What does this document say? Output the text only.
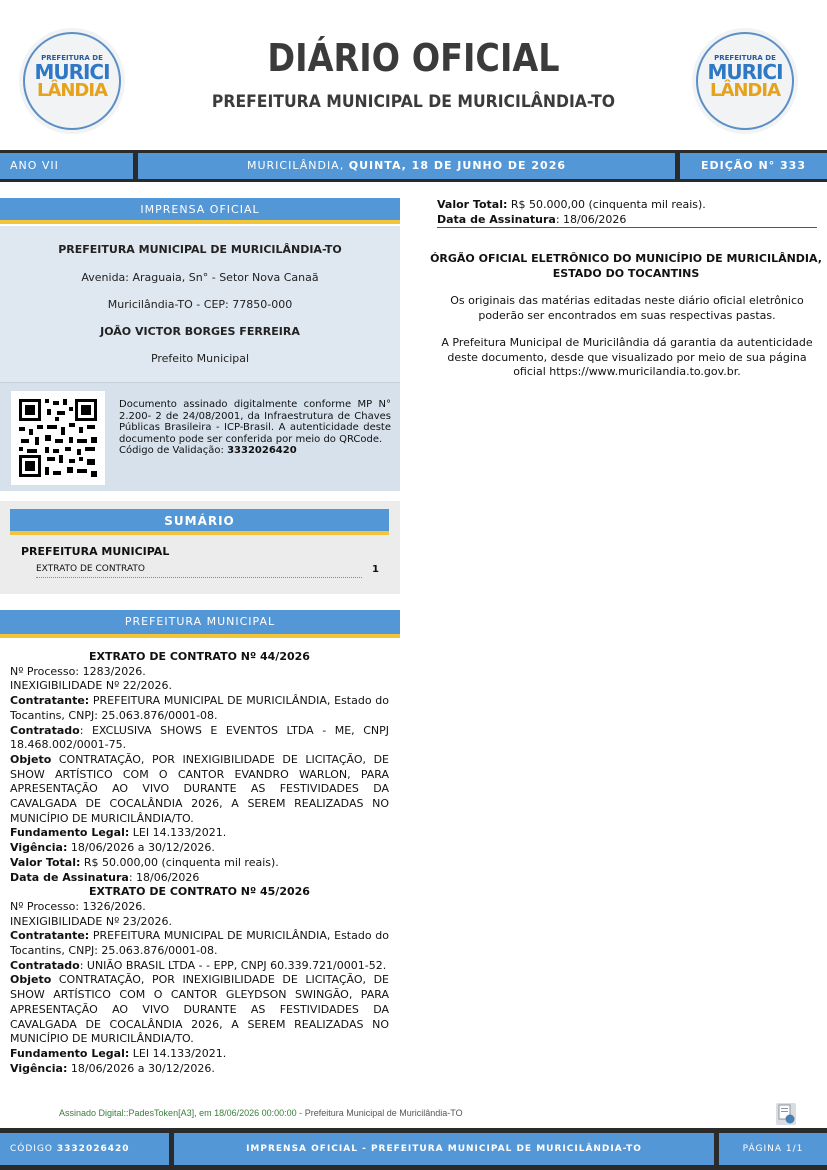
PREFEITURA DE
MURICI
LÂNDIA
PREFEITURA DE
MURICI
LÂNDIA
DIÁRIO OFICIAL
PREFEITURA MUNICIPAL DE MURICILÂNDIA-TO
ANO VII	MURICILÂNDIA, QUINTA, 18 DE JUNHO DE 2026	EDIÇÃO N° 333
IMPRENSA OFICIAL
PREFEITURA MUNICIPAL DE MURICILÂNDIA-TO
Avenida: Araguaia, Sn° - Setor Nova Canaã
Muricilândia-TO - CEP: 77850-000
JOÃO VICTOR BORGES FERREIRA
Prefeito Municipal
Documento assinado digitalmente conforme MP N° 2.200- 2 de 24/08/2001, da Infraestrutura de Chaves Públicas Brasileira - ICP-Brasil. A autenticidade deste documento pode ser conferida por meio do QRCode.
Código de Validação: 3332026420
SUMÁRIO
PREFEITURA MUNICIPAL
EXTRATO DE CONTRATO	1
PREFEITURA MUNICIPAL

EXTRATO DE CONTRATO Nº 44/2026

Nº Processo: 1283/2026.

INEXIGIBILIDADE Nº 22/2026.

Contratante: PREFEITURA MUNICIPAL DE MURICILÂNDIA, Estado do Tocantins, CNPJ: 25.063.876/0001-08.

Contratado: EXCLUSIVA SHOWS E EVENTOS LTDA - ME, CNPJ 18.468.002/0001-75.

Objeto CONTRATAÇÃO, POR INEXIGIBILIDADE DE LICITAÇÃO, DE SHOW ARTÍSTICO COM O CANTOR EVANDRO WARLON, PARA APRESENTAÇÃO AO VIVO DURANTE AS FESTIVIDADES DA CAVALGADA DE COCALÂNDIA 2026, A SEREM REALIZADAS NO MUNICÍPIO DE MURICILÂNDIA/TO.

Fundamento Legal: LEI 14.133/2021.

Vigência: 18/06/2026 a 30/12/2026.

Valor Total: R$ 50.000,00 (cinquenta mil reais).

Data de Assinatura: 18/06/2026

EXTRATO DE CONTRATO Nº 45/2026

Nº Processo: 1326/2026.

INEXIGIBILIDADE Nº 23/2026.

Contratante: PREFEITURA MUNICIPAL DE MURICILÂNDIA, Estado do Tocantins, CNPJ: 25.063.876/0001-08.

Contratado: UNIÃO BRASIL LTDA - - EPP, CNPJ 60.339.721/0001-52.

Objeto CONTRATAÇÃO, POR INEXIGIBILIDADE DE LICITAÇÃO, DE SHOW ARTÍSTICO COM O CANTOR GLEYDSON SWINGÃO, PARA APRESENTAÇÃO AO VIVO DURANTE AS FESTIVIDADES DA CAVALGADA DE COCALÂNDIA 2026, A SEREM REALIZADAS NO MUNICÍPIO DE MURICILÂNDIA/TO.

Fundamento Legal: LEI 14.133/2021.

Vigência: 18/06/2026 a 30/12/2026.

Valor Total: R$ 50.000,00 (cinquenta mil reais).
Data de Assinatura: 18/06/2026
ÓRGÃO OFICIAL ELETRÔNICO DO MUNICÍPIO DE MURICILÂNDIA, ESTADO DO TOCANTINS
Os originais das matérias editadas neste diário oficial eletrônico poderão ser encontrados em suas respectivas pastas.
A Prefeitura Municipal de Muricilândia dá garantia da autenticidade deste documento, desde que visualizado por meio de sua página oficial https://www.muricilandia.to.gov.br.
Assinado Digital::PadesToken[A3], em 18/06/2026 00:00:00 - Prefeitura Municipal de Muricilândia-TO
CÓDIGO 3332026420	IMPRENSA OFICIAL - PREFEITURA MUNICIPAL DE MURICILÂNDIA-TO	PÁGINA 1/1
